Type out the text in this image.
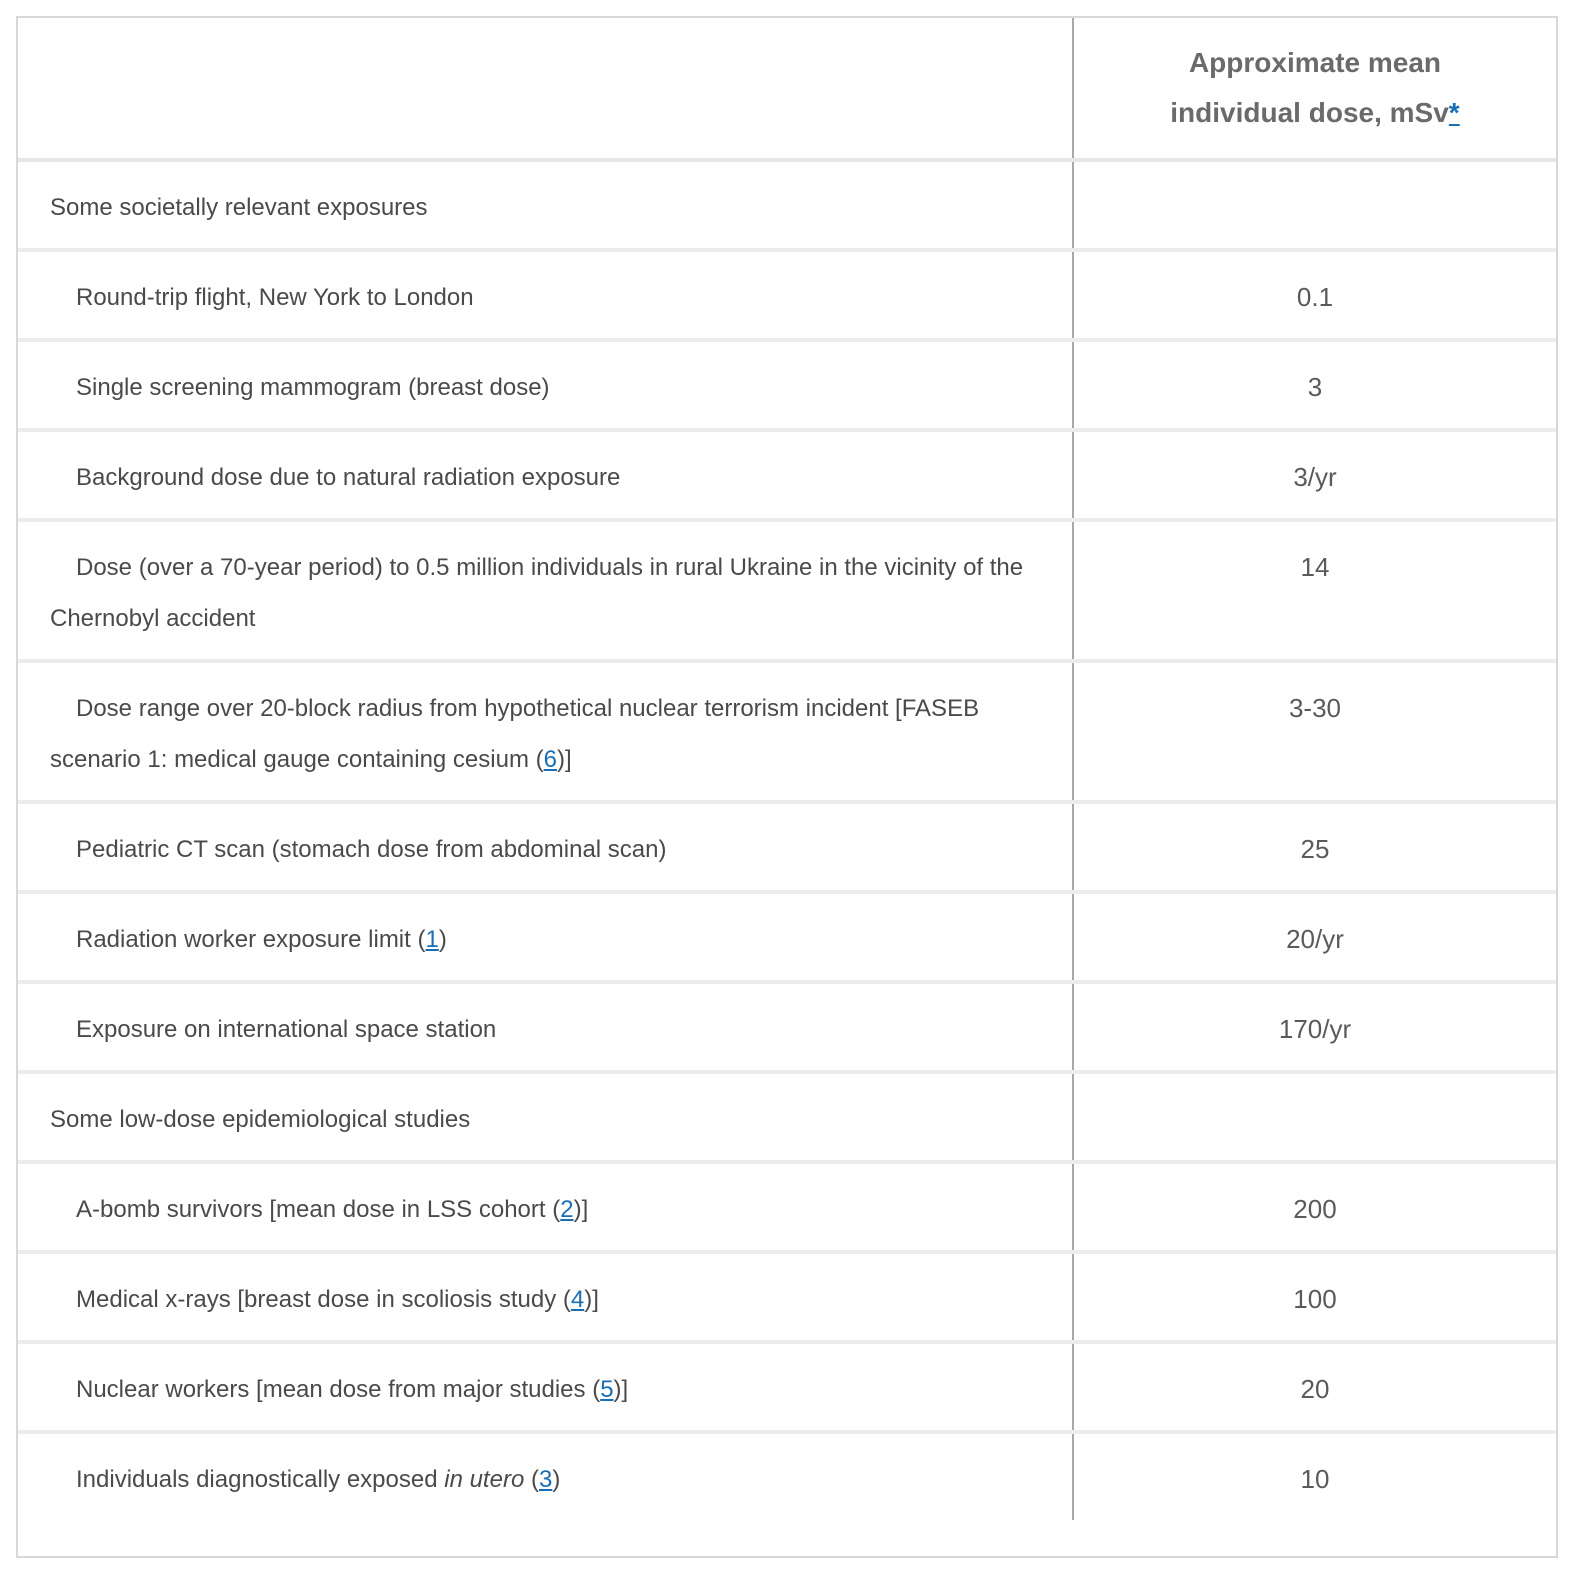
	Approximate mean individual dose, mSv*
Some societally relevant exposures	

Round-trip flight, New York to London	0.1

Single screening mammogram (breast dose)	3

Background dose due to natural radiation exposure	3/yr

Dose (over a 70-year period) to 0.5 million individuals in rural Ukraine in the vicinity of the Chernobyl accident	14

Dose range over 20-block radius from hypothetical nuclear terrorism incident [FASEB scenario 1: medical gauge containing cesium (6)]	3-30

Pediatric CT scan (stomach dose from abdominal scan)	25

Radiation worker exposure limit (1)	20/yr

Exposure on international space station	170/yr
Some low-dose epidemiological studies	

A-bomb survivors [mean dose in LSS cohort (2)]	200

Medical x-rays [breast dose in scoliosis study (4)]	100

Nuclear workers [mean dose from major studies (5)]	20

Individuals diagnostically exposed in utero (3)	10
